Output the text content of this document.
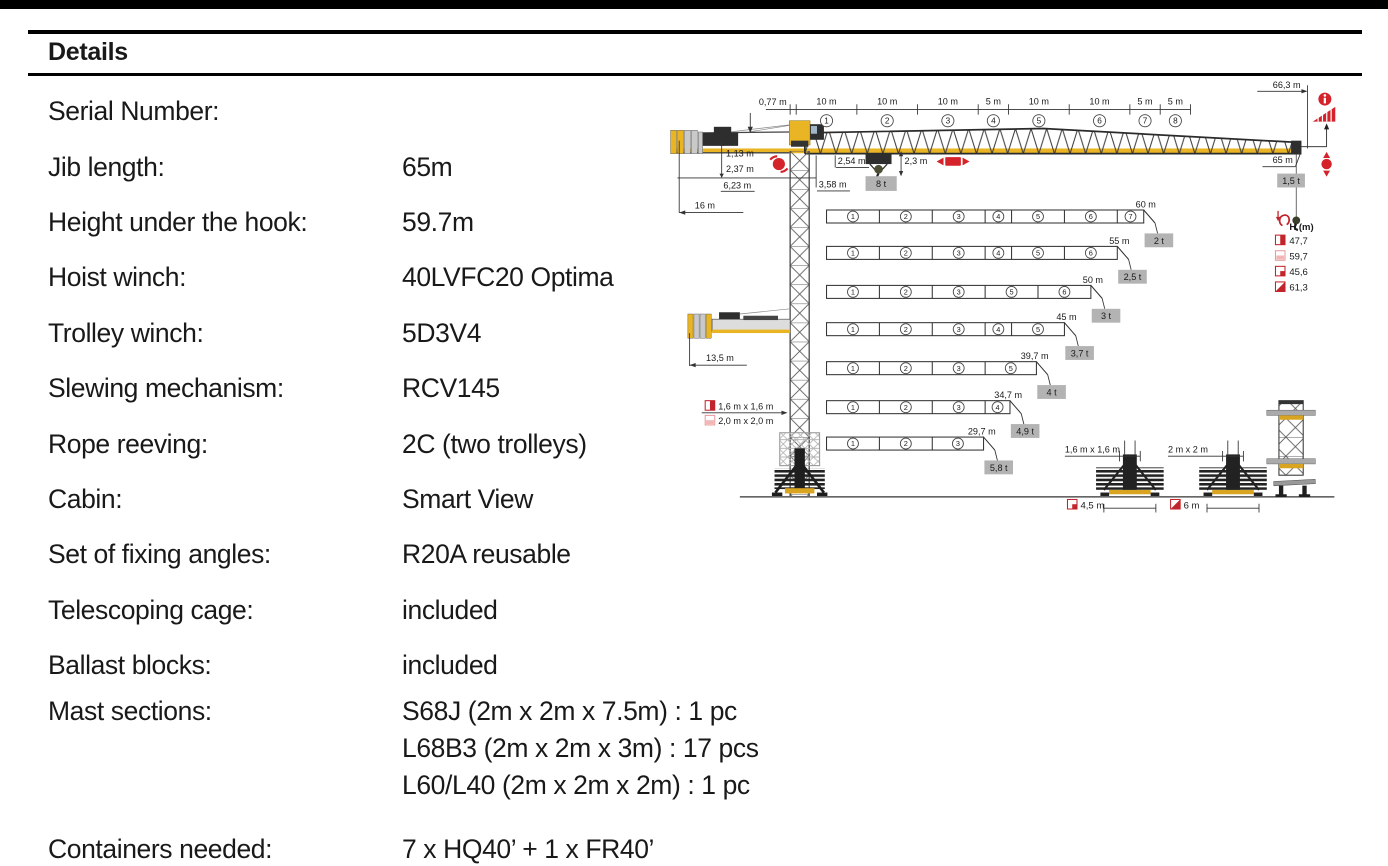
Details
Serial Number:
Jib length:	65m
Height under the hook:	59.7m
Hoist winch:	40LVFC20 Optima
Trolley winch:	5D3V4
Slewing mechanism:	RCV145
Rope reeving:	2C (two trolleys)
Cabin:	Smart View
Set of fixing angles:	R20A reusable
Telescoping cage:	included
Ballast blocks:	included
Mast sections:	S68J (2m x 2m x 7.5m) : 1 pc
L68B3 (2m x 2m x 3m) : 17 pcs
L60/L40 (2m x 2m x 2m) : 1 pc
Containers needed:	7 x HQ40’ + 1 x FR40’
13,5 m
1,13 m
2,37 m
6,23 m
16 m
2,54 m
3,58 m
2,3 m	65 m
1,5 t
8 t
66,3 m
0,77 m	10 m
1
10 m
2
10 m
3
5 m
4
10 m
5
10 m
6
5 m
7
5 m
8
1	2	3	4	5	6	7
60 m
2 t
1	2	3	4	5	6
55 m
2,5 t
1	2	3	5	6
50 m
3 t
1	2	3	4	5
45 m
3,7 t
1	2	3	5
39,7 m
4 t
1	2	3	4
34,7 m
4,9 t
1	2	3
29,7 m
5,8 t
H (m)
47,7
59,7
45,6
61,3
1,6 m x 1,6 m
4,5 m
2 m x 2 m
6 m
1,6 m x 1,6 m
2,0 m x 2,0 m
